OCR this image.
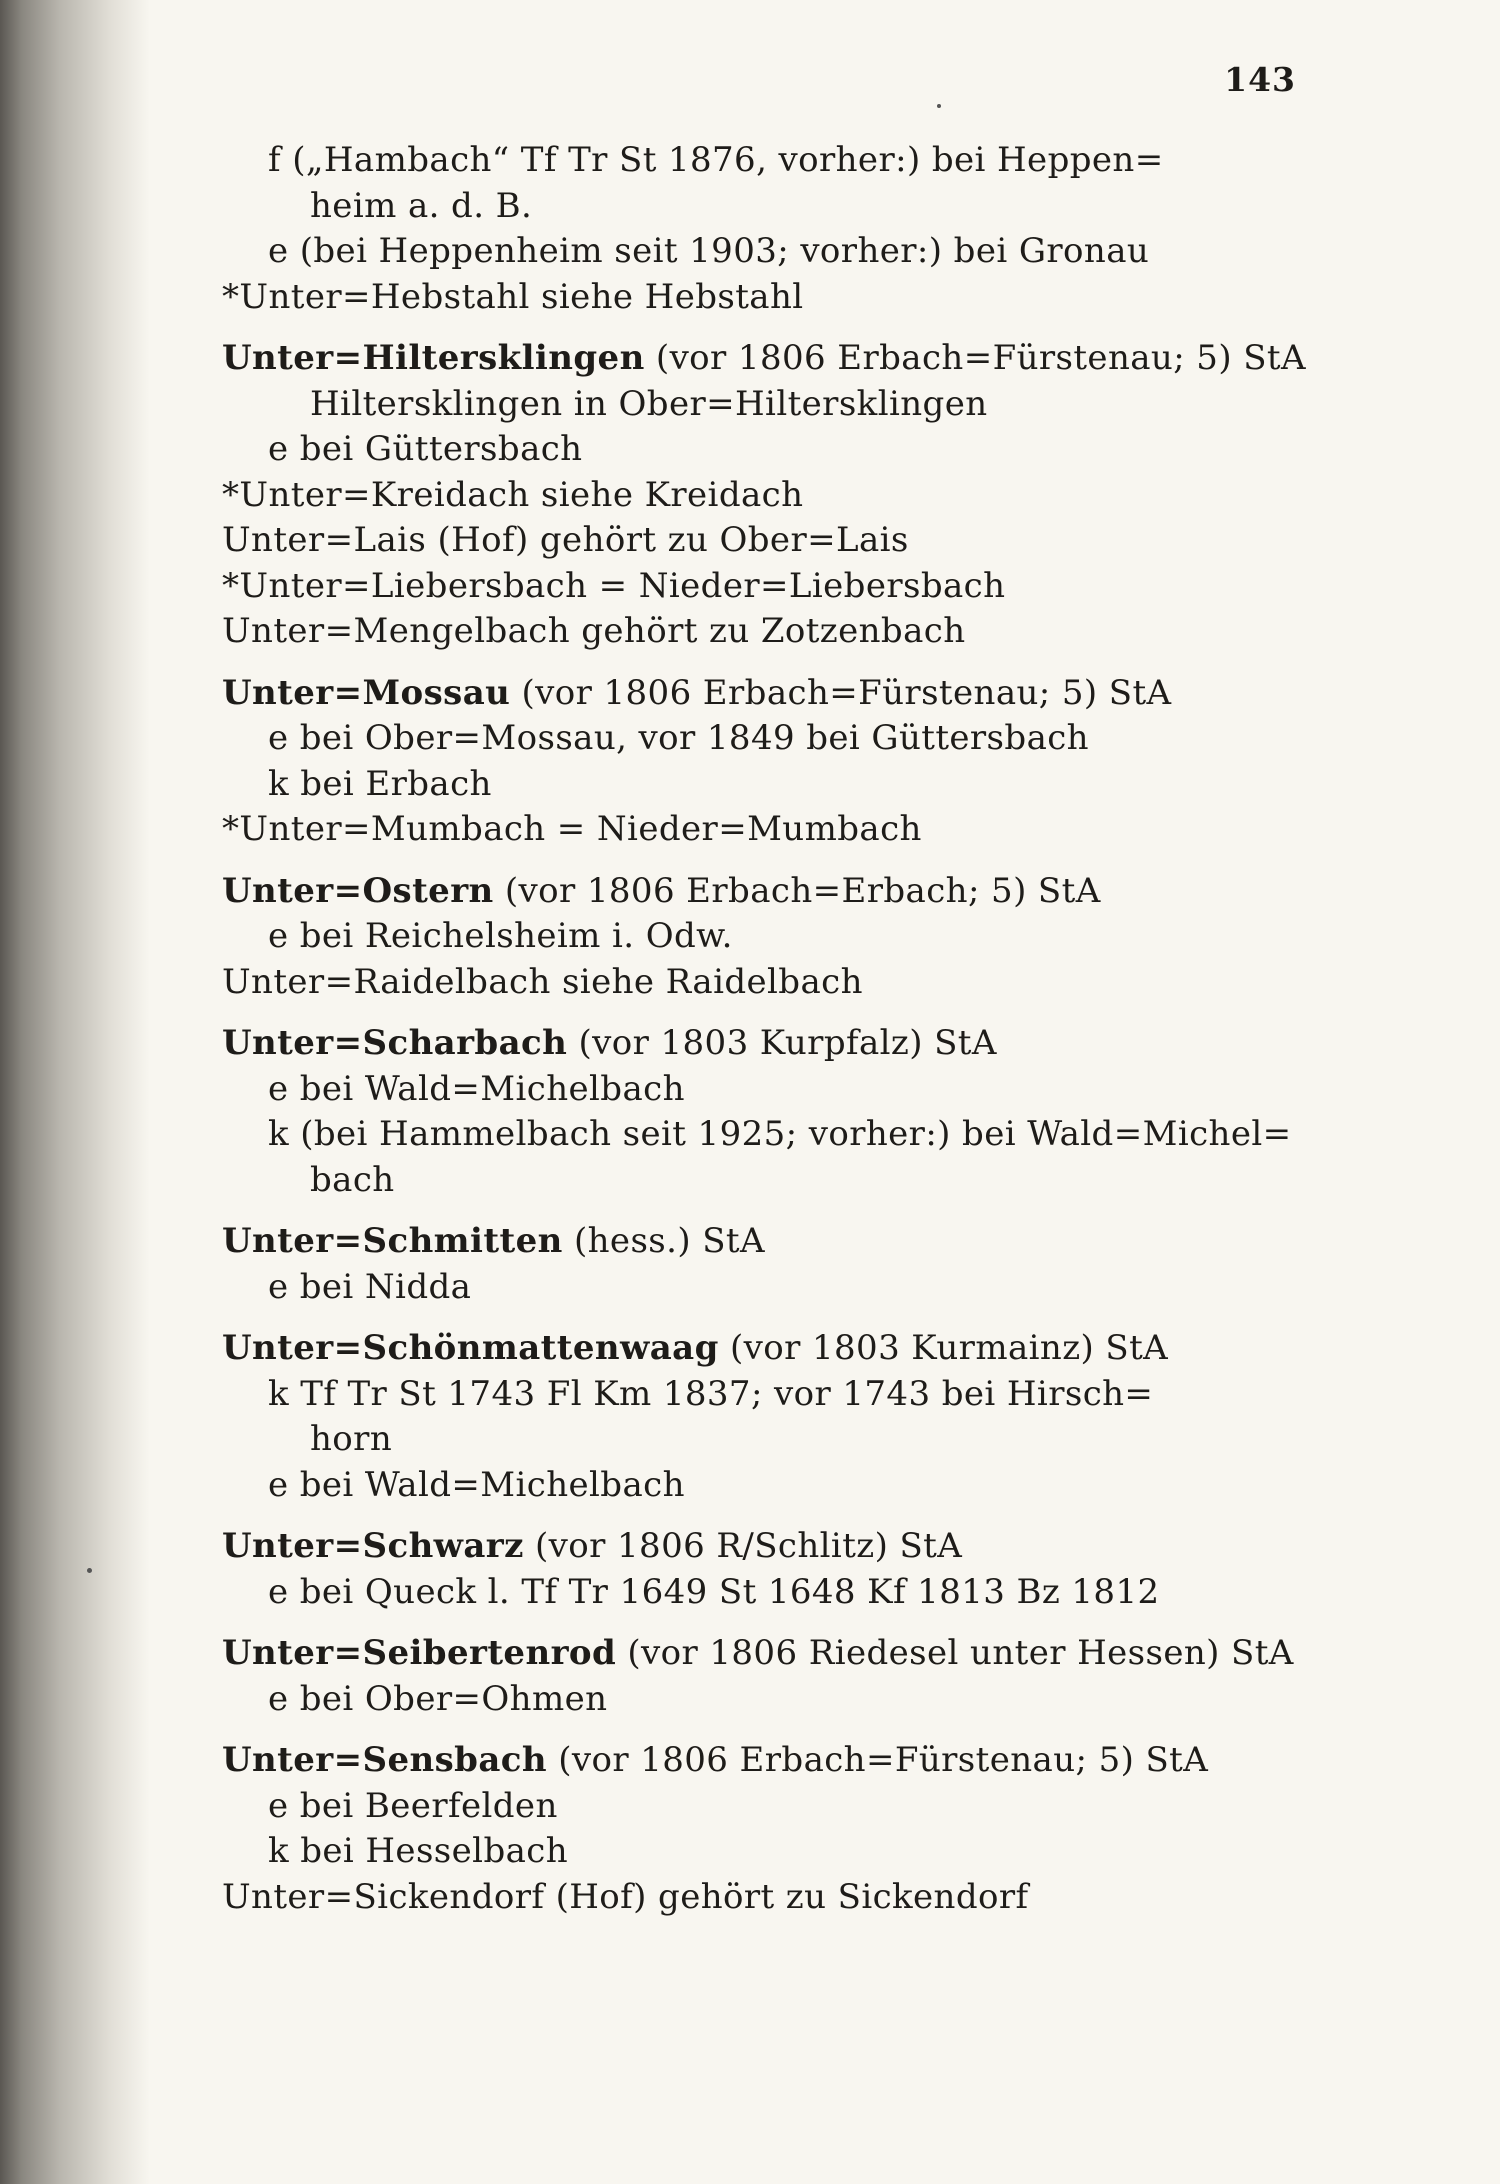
143
f („Hambach“ Tf Tr St 1876, vorher:) bei Heppen=
heim a. d. B.
e (bei Heppenheim seit 1903; vorher:) bei Gronau
*Unter=Hebstahl siehe Hebstahl
Unter=Hiltersklingen (vor 1806 Erbach=Fürstenau; 5) StA
Hiltersklingen in Ober=Hiltersklingen
e bei Güttersbach
*Unter=Kreidach siehe Kreidach
Unter=Lais (Hof) gehört zu Ober=Lais
*Unter=Liebersbach = Nieder=Liebersbach
Unter=Mengelbach gehört zu Zotzenbach
Unter=Mossau (vor 1806 Erbach=Fürstenau; 5) StA
e bei Ober=Mossau, vor 1849 bei Güttersbach
k bei Erbach
*Unter=Mumbach = Nieder=Mumbach
Unter=Ostern (vor 1806 Erbach=Erbach; 5) StA
e bei Reichelsheim i. Odw.
Unter=Raidelbach siehe Raidelbach
Unter=Scharbach (vor 1803 Kurpfalz) StA
e bei Wald=Michelbach
k (bei Hammelbach seit 1925; vorher:) bei Wald=Michel=
bach
Unter=Schmitten (hess.) StA
e bei Nidda
Unter=Schönmattenwaag (vor 1803 Kurmainz) StA
k Tf Tr St 1743 Fl Km 1837; vor 1743 bei Hirsch=
horn
e bei Wald=Michelbach
Unter=Schwarz (vor 1806 R/Schlitz) StA
e bei Queck l. Tf Tr 1649 St 1648 Kf 1813 Bz 1812
Unter=Seibertenrod (vor 1806 Riedesel unter Hessen) StA
e bei Ober=Ohmen
Unter=Sensbach (vor 1806 Erbach=Fürstenau; 5) StA
e bei Beerfelden
k bei Hesselbach
Unter=Sickendorf (Hof) gehört zu Sickendorf
